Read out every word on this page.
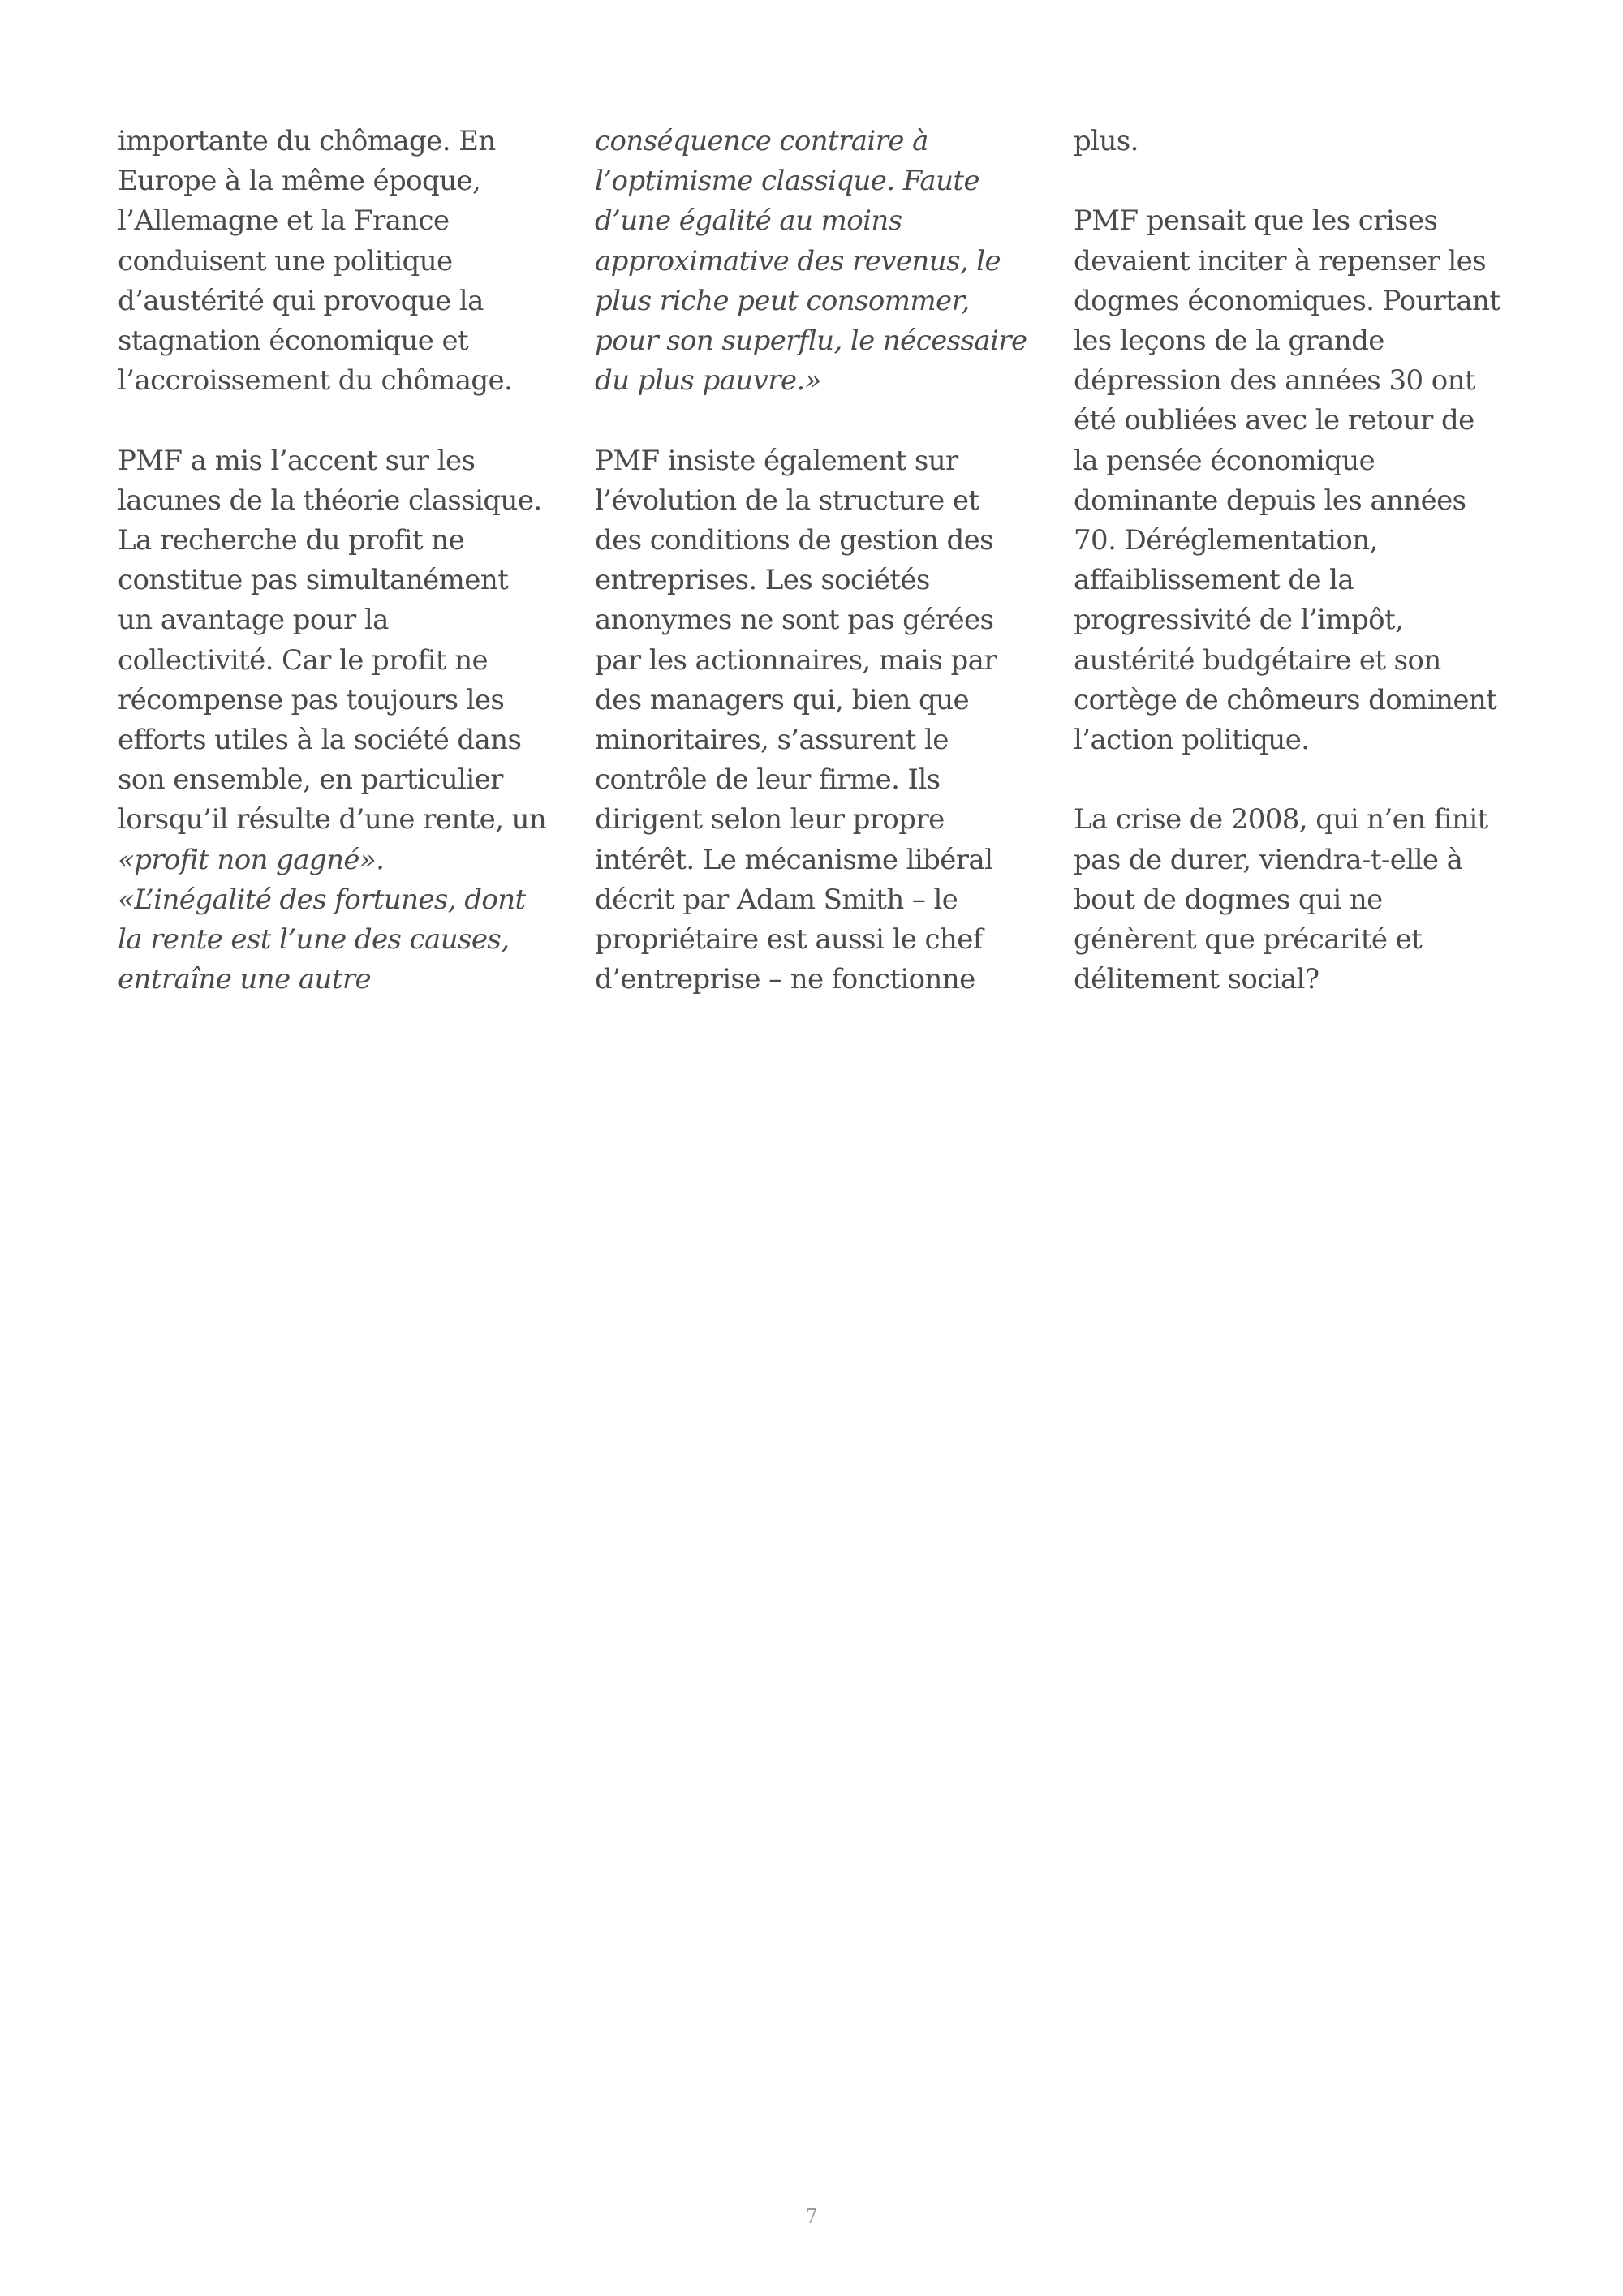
importante du chômage. En
Europe à la même époque,
l’Allemagne et la France
conduisent une politique
d’austérité qui provoque la
stagnation économique et
l’accroissement du chômage.

PMF a mis l’accent sur les
lacunes de la théorie classique.
La recherche du profit ne
constitue pas simultanément
un avantage pour la
collectivité. Car le profit ne
récompense pas toujours les
efforts utiles à la société dans
son ensemble, en particulier
lorsqu’il résulte d’une rente, un
«profit non gagné».
«L’inégalité des fortunes, dont
la rente est l’une des causes,
entraîne une autre

conséquence contraire à
l’optimisme classique. Faute
d’une égalité au moins
approximative des revenus, le
plus riche peut consommer,
pour son superflu, le nécessaire
du plus pauvre.»

PMF insiste également sur
l’évolution de la structure et
des conditions de gestion des
entreprises. Les sociétés
anonymes ne sont pas gérées
par les actionnaires, mais par
des managers qui, bien que
minoritaires, s’assurent le
contrôle de leur firme. Ils
dirigent selon leur propre
intérêt. Le mécanisme libéral
décrit par Adam Smith – le
propriétaire est aussi le chef
d’entreprise – ne fonctionne

plus.

PMF pensait que les crises
devaient inciter à repenser les
dogmes économiques. Pourtant
les leçons de la grande
dépression des années 30 ont
été oubliées avec le retour de
la pensée économique
dominante depuis les années
70. Déréglementation,
affaiblissement de la
progressivité de l’impôt,
austérité budgétaire et son
cortège de chômeurs dominent
l’action politique.

La crise de 2008, qui n’en finit
pas de durer, viendra-t-elle à
bout de dogmes qui ne
génèrent que précarité et
délitement social?

7
